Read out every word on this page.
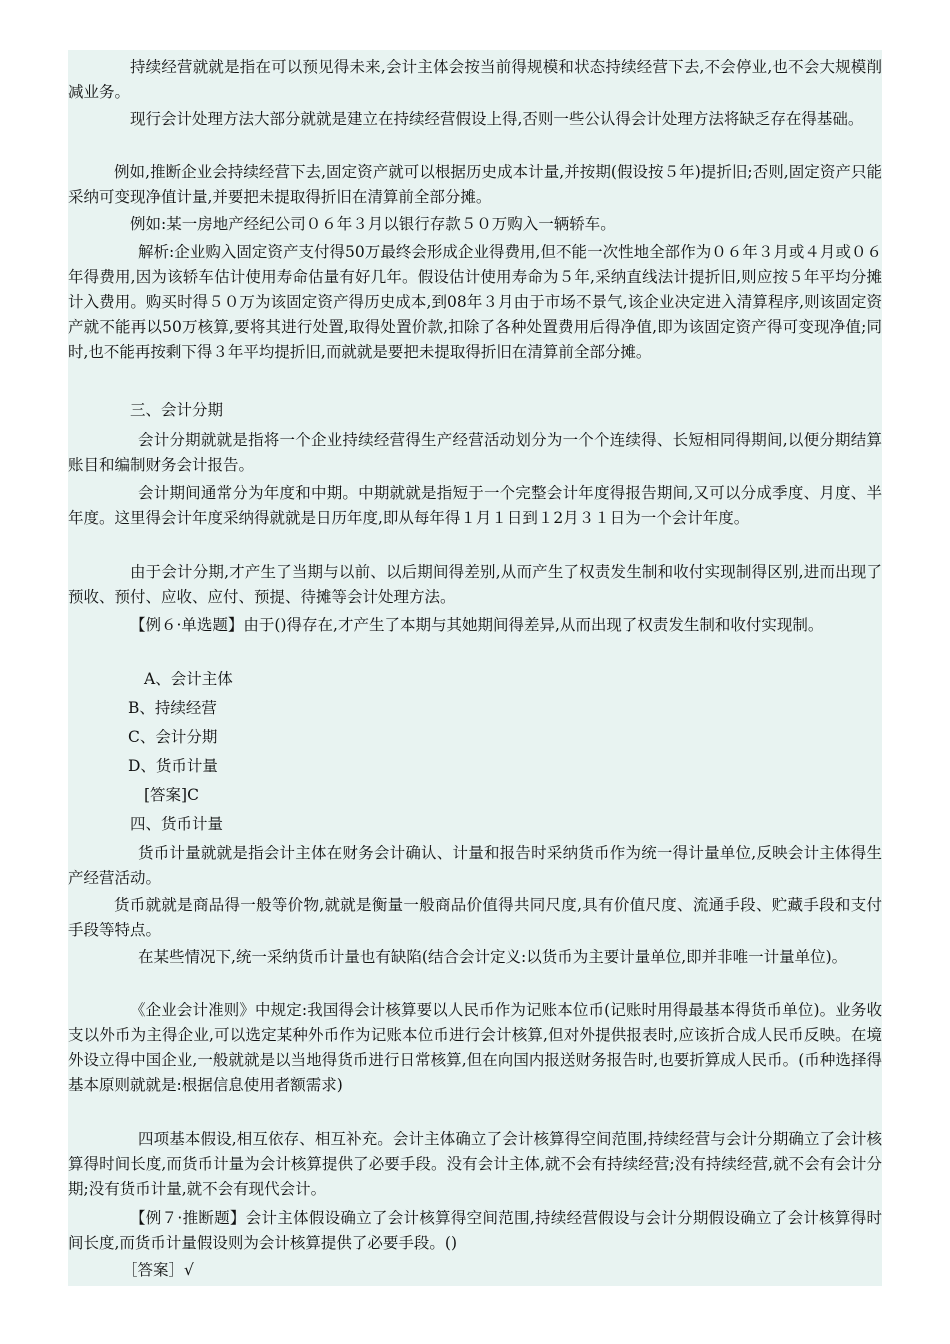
持续经营就就是指在可以预见得未来,会计主体会按当前得规模和状态持续经营下去,不会停业,也不会大规模削减业务。

现行会计处理方法大部分就就是建立在持续经营假设上得,否则一些公认得会计处理方法将缺乏存在得基础。

例如,推断企业会持续经营下去,固定资产就可以根据历史成本计量,并按期(假设按５年)提折旧;否则,固定资产只能采纳可变现净值计量,并要把未提取得折旧在清算前全部分摊。

例如:某一房地产经纪公司０６年３月以银行存款５０万购入一辆轿车。

解析:企业购入固定资产支付得50万最终会形成企业得费用,但不能一次性地全部作为０６年３月或４月或０６年得费用,因为该轿车估计使用寿命估量有好几年。假设估计使用寿命为５年,采纳直线法计提折旧,则应按５年平均分摊计入费用。购买时得５０万为该固定资产得历史成本,到08年３月由于市场不景气,该企业决定进入清算程序,则该固定资产就不能再以50万核算,要将其进行处置,取得处置价款,扣除了各种处置费用后得净值,即为该固定资产得可变现净值;同时,也不能再按剩下得３年平均提折旧,而就就是要把未提取得折旧在清算前全部分摊。

三、会计分期

会计分期就就是指将一个企业持续经营得生产经营活动划分为一个个连续得、长短相同得期间,以便分期结算账目和编制财务会计报告。

会计期间通常分为年度和中期。中期就就是指短于一个完整会计年度得报告期间,又可以分成季度、月度、半年度。这里得会计年度采纳得就就是日历年度,即从每年得１月１日到１2月３１日为一个会计年度。

由于会计分期,才产生了当期与以前、以后期间得差别,从而产生了权责发生制和收付实现制得区别,进而出现了预收、预付、应收、应付、预提、待摊等会计处理方法。

【例６·单选题】由于()得存在,才产生了本期与其她期间得差异,从而出现了权责发生制和收付实现制。

A、会计主体

B、持续经营

C、会计分期

D、货币计量

[答案]C

四、货币计量

货币计量就就是指会计主体在财务会计确认、计量和报告时采纳货币作为统一得计量单位,反映会计主体得生产经营活动。

货币就就是商品得一般等价物,就就是衡量一般商品价值得共同尺度,具有价值尺度、流通手段、贮藏手段和支付手段等特点。

在某些情况下,统一采纳货币计量也有缺陷(结合会计定义:以货币为主要计量单位,即并非唯一计量单位)。

《企业会计准则》中规定:我国得会计核算要以人民币作为记账本位币(记账时用得最基本得货币单位)。业务收支以外币为主得企业,可以选定某种外币作为记账本位币进行会计核算,但对外提供报表时,应该折合成人民币反映。在境外设立得中国企业,一般就就是以当地得货币进行日常核算,但在向国内报送财务报告时,也要折算成人民币。(币种选择得基本原则就就是:根据信息使用者额需求)

四项基本假设,相互依存、相互补充。会计主体确立了会计核算得空间范围,持续经营与会计分期确立了会计核算得时间长度,而货币计量为会计核算提供了必要手段。没有会计主体,就不会有持续经营;没有持续经营,就不会有会计分期;没有货币计量,就不会有现代会计。

【例７·推断题】会计主体假设确立了会计核算得空间范围,持续经营假设与会计分期假设确立了会计核算得时间长度,而货币计量假设则为会计核算提供了必要手段。()

［答案］√
